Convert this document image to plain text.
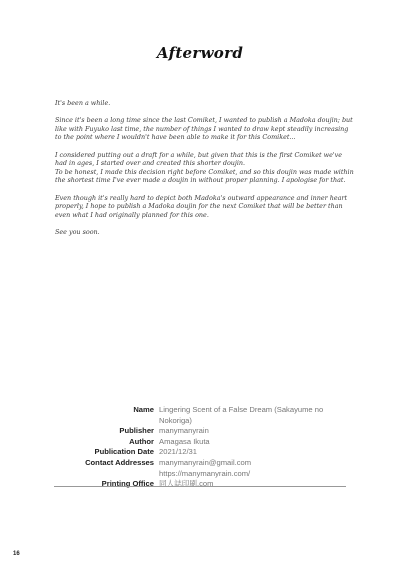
Afterword

It's been a while.

Since it's been a long time since the last Comiket, I wanted to publish a Madoka doujin; but like with Fuyuko last time, the number of things I wanted to draw kept steadily increasing to the point where I wouldn't have been able to make it for this Comiket...

I considered putting out a draft for a while, but given that this is the first Comiket we've had in ages, I started over and created this shorter doujin.

To be honest, I made this decision right before Comiket, and so this doujin was made within the shortest time I've ever made a doujin in without proper planning. I apologise for that.

Even though it's really hard to depict both Madoka's outward appearance and inner heart properly, I hope to publish a Madoka doujin for the next Comiket that will be better than even what I had originally planned for this one.

See you soon.

Name Lingering Scent of a False Dream (Sakayume no Nokoriga)
Publisher manymanyrain
Author Amagasa Ikuta
Publication Date 2021/12/31
Contact Addresses manymanyrain@gmail.com
https://manymanyrain.com/
Printing Office 同人誌印刷.com
16
